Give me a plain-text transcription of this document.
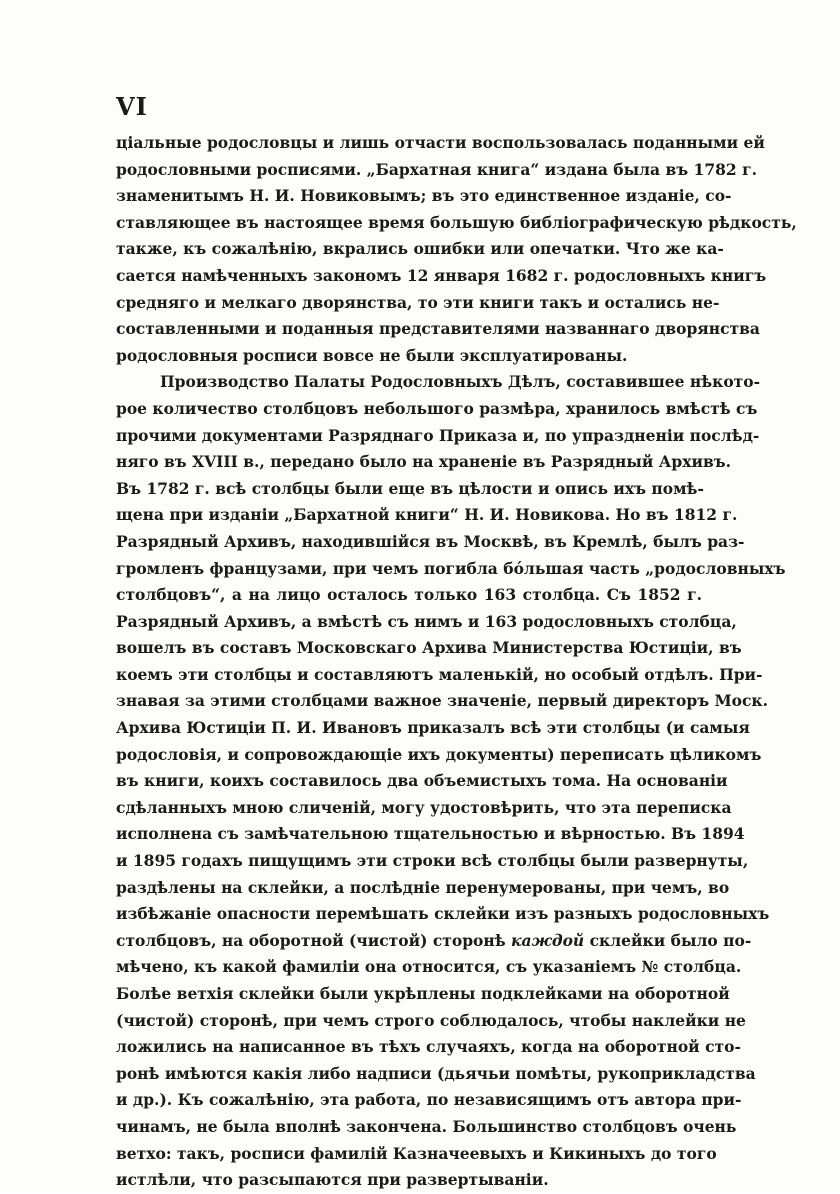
VI
ціальные родословцы и лишь отчасти воспользовалась поданными ей
родословными росписями. „Бархатная книга“ издана была въ 1782 г.
знаменитымъ Н. И. Новиковымъ; въ это единственное изданіе, со-
ставляющее въ настоящее время большую библіографическую рѣдкость,
также, къ сожалѣнію, вкрались ошибки или опечатки. Что же ка-
сается намѣченныхъ закономъ 12 января 1682 г. родословныхъ книгъ
средняго и мелкаго дворянства, то эти книги такъ и остались не-
составленными и поданныя представителями названнаго дворянства
родословныя росписи вовсе не были эксплуатированы.
Производство Палаты Родословныхъ Дѣлъ, составившее нѣкото-
рое количество столбцовъ небольшого размѣра, хранилось вмѣстѣ съ
прочими документами Разряднаго Приказа и, по упраздненіи послѣд-
няго въ XVIII в., передано было на храненіе въ Разрядный Архивъ.
Въ 1782 г. всѣ столбцы были еще въ цѣлости и опись ихъ помѣ-
щена при изданіи „Бархатной книги“ Н. И. Новикова. Но въ 1812 г.
Разрядный Архивъ, находившійся въ Москвѣ, въ Кремлѣ, былъ раз-
громленъ французами, при чемъ погибла бóльшая часть „родословныхъ
столбцовъ“, а на лицо осталось только 163 столбца. Съ 1852 г.
Разрядный Архивъ, а вмѣстѣ съ нимъ и 163 родословныхъ столбца,
вошелъ въ составъ Московскаго Архива Министерства Юстиціи, въ
коемъ эти столбцы и составляютъ маленькій, но особый отдѣлъ. При-
знавая за этими столбцами важное значеніе, первый директоръ Моск.
Архива Юстиціи П. И. Ивановъ приказалъ всѣ эти столбцы (и самыя
родословія, и сопровождающіе ихъ документы) переписать цѣликомъ
въ книги, коихъ составилось два объемистыхъ тома. На основаніи
сдѣланныхъ мною сличеній, могу удостовѣрить, что эта переписка
исполнена съ замѣчательною тщательностью и вѣрностью. Въ 1894
и 1895 годахъ пищущимъ эти строки всѣ столбцы были развернуты,
раздѣлены на склейки, а послѣдніе перенумерованы, при чемъ, во
избѣжаніе опасности перемѣшать склейки изъ разныхъ родословныхъ
столбцовъ, на оборотной (чистой) сторонѣ каждой склейки было по-
мѣчено, къ какой фамиліи она относится, съ указаніемъ № столбца.
Болѣе ветхія склейки были укрѣплены подклейками на оборотной
(чистой) сторонѣ, при чемъ строго соблюдалось, чтобы наклейки не
ложились на написанное въ тѣхъ случаяхъ, когда на оборотной сто-
ронѣ имѣются какія либо надписи (дьячьи помѣты, рукоприкладства
и др.). Къ сожалѣнію, эта работа, по независящимъ отъ автора при-
чинамъ, не была вполнѣ закончена. Большинство столбцовъ очень
ветхо: такъ, росписи фамилій Казначеевыхъ и Кикиныхъ до того
истлѣли, что разсыпаются при развертываніи.
